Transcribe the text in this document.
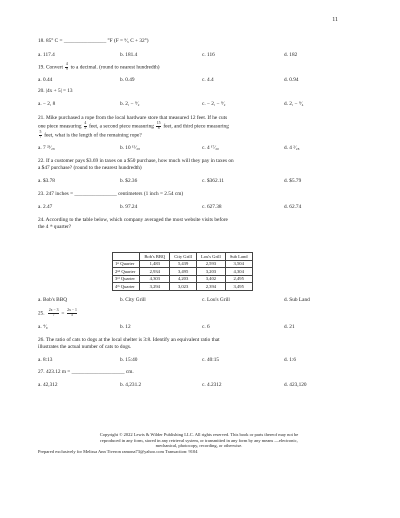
11
18. 85° C = ________________ °F (F = ⁹⁄₅ C + 32°)
a. 117.4	b. 181.4	c. 116	d. 182
19. Convert $\frac{4}{9}$ to a decimal. (round to nearest hundredth)
a. 0.44	b. 0.49	c. 4.4	d. 0.94
20. |4x + 5| = 13
a. − 2, 8	b. 2, − ⁹⁄₂	c. − 2, − ⁹⁄₂	d. 2, − ⁹⁄₄
21. Mike purchased a rope from the local hardware store that measured 12 feet. If he cuts
one piece measuring $\frac{4}{5}$ feet, a second piece measuring $\frac{15}{8}$ feet, and third piece measuring
$\frac{5}{7}$ feet, what is the length of the remaining rope?
a. 7 ²³⁄₂₈	b. 10 ¹⁵⁄₂₈	c. 4 ¹⁷⁄₂₀	d. 4 ²⁄₂₈
22. If a customer pays $3.69 in taxes on a $50 purchase, how much will they pay in taxes on
a $47 purchase? (round to the nearest hundredth)
a. $3.78	b. $2.36	c. $362.11	d. $5.79
23. 247 inches = ________________ centimeters (1 inch = 2.54 cm)
a. 2.47	b. 97.24	c. 627.38	d. 62.74
24. According to the table below, which company averaged the most website visits before
the 4 ᵗʰ quarter?
	Bob's BBQ	City Grill	Lou's Grill	Sub Land
1ˢᵗ Quarter	1,483	5,439	2,593	3,504
2ⁿᵈ Quarter	2,934	3,495	3,203	4,304
3ʳᵈ Quarter	4,303	4,203	3,402	2,495
4ᵗʰ Quarter	3,294	3,023	2,394	3,495
a. Bob's BBQ	b. City Grill	c. Lou's Grill	d. Sub Land
25. $\frac{2x - 3}{7} = \frac{2x - 1}{5}$
a. ⁴⁄₉	b. 12	c. 6	d. 21
26. The ratio of cats to dogs at the local shelter is 3:8. Identify an equivalent ratio that
illustrates the actual number of cats to dogs.
a. 8:13	b. 15:40	c. 40:15	d. 1:6
27. 423.12 m = ____________________ cm.
a. 42,312	b. 4,231.2	c. 4.2312	d. 423,120
Copyright © 2022 Lewis & Wilder Publishing LLC. All rights reserved. This book or parts thereof may not be
reproduced in any form, stored in any retrieval system, or transmitted in any form by any means —electronic,
mechanical, photocopy, recording, or otherwise.
Prepared exclusively for Melissa Ann Tiveron ramona73@yahoo.com Transaction: 9104
